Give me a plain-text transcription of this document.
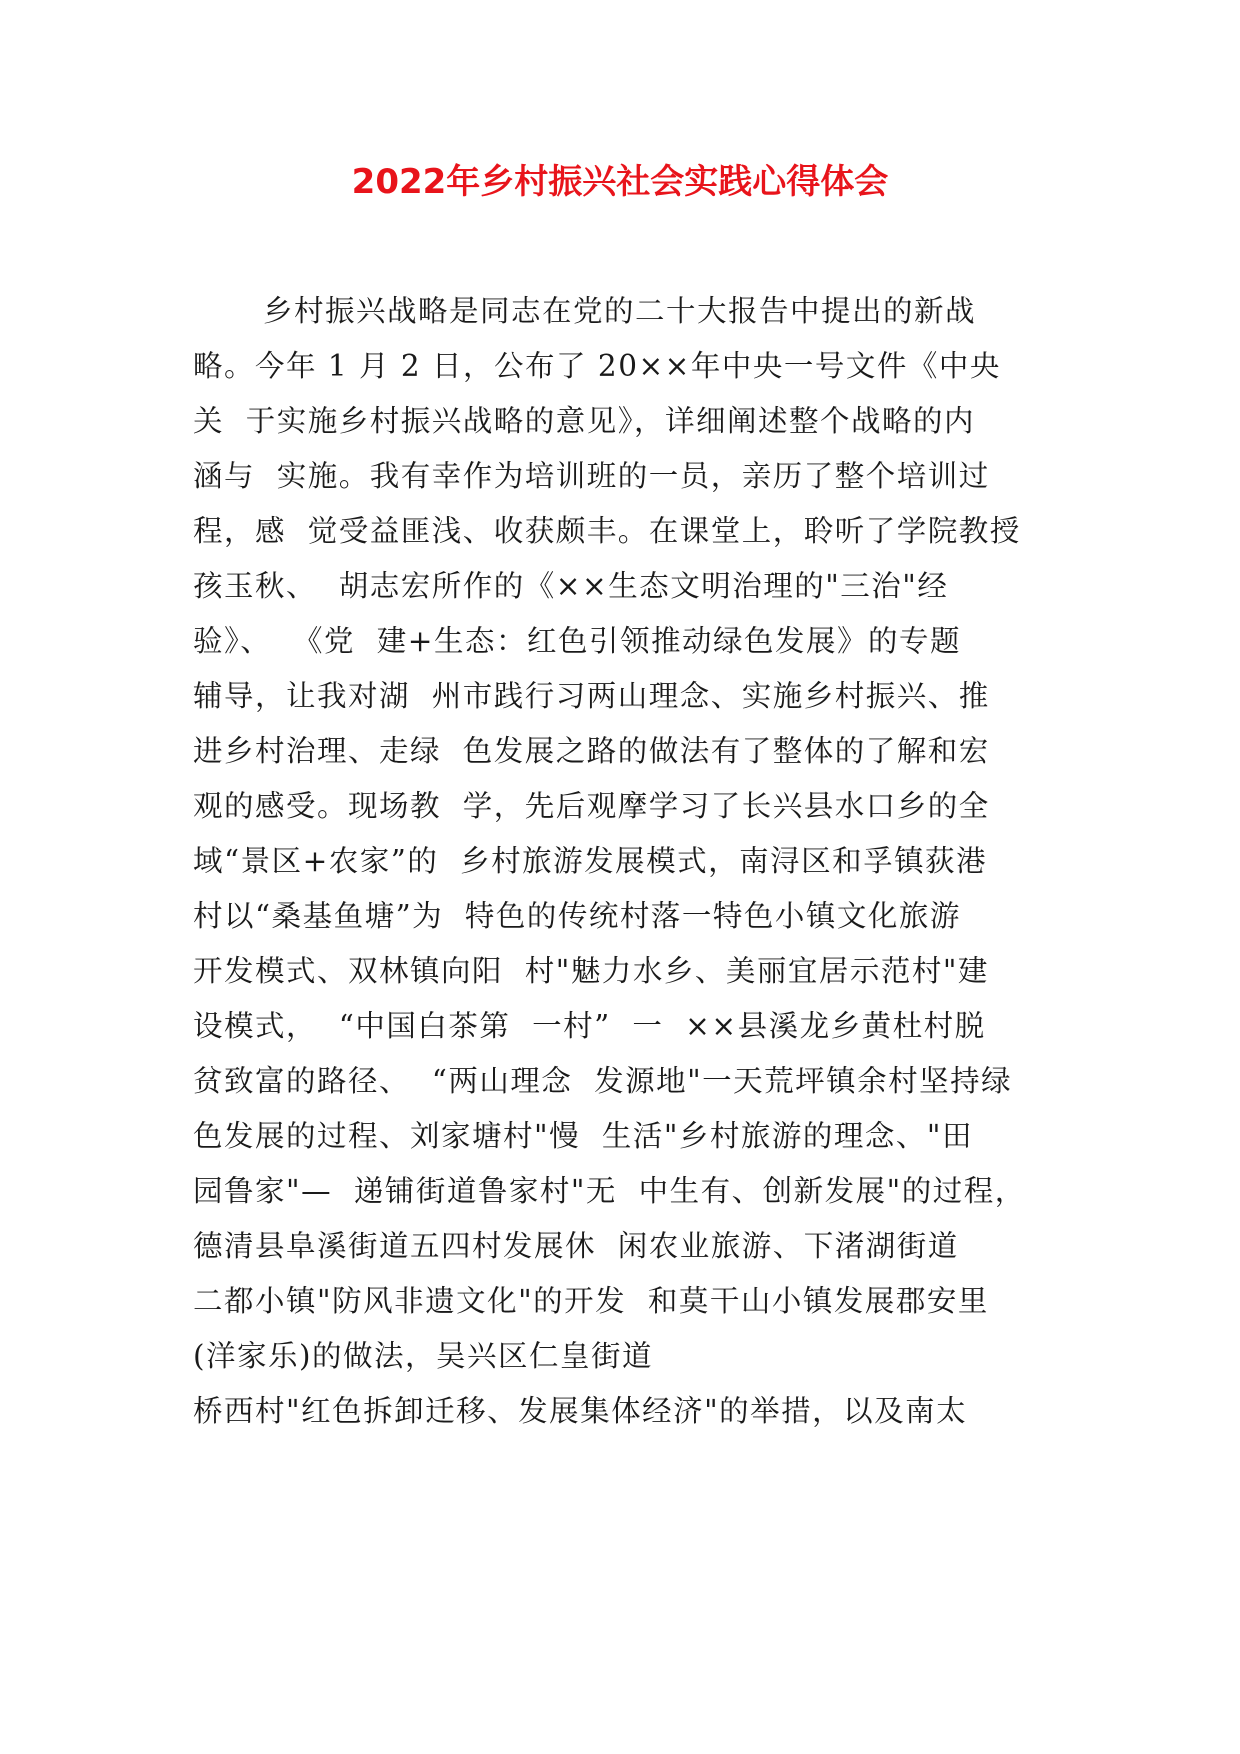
2022年乡村振兴社会实践心得体会
乡村振兴战略是同志在党的二十大报告中提出的新战
略。今年 1 月 2 日，公布了 20××年中央一号文件《中央
关  于实施乡村振兴战略的意见》，详细阐述整个战略的内
涵与  实施。我有幸作为培训班的一员，亲历了整个培训过
程，感  觉受益匪浅、收获颇丰。在课堂上，聆听了学院教授
孩玉秋、  胡志宏所作的《××生态文明治理的"三治"经
验》、  《党  建+生态：红色引领推动绿色发展》的专题
辅导，让我对湖  州市践行习两山理念、实施乡村振兴、推
进乡村治理、走绿  色发展之路的做法有了整体的了解和宏
观的感受。现场教  学，先后观摩学习了长兴县水口乡的全
域“景区+农家”的  乡村旅游发展模式，南浔区和孚镇荻港
村以“桑基鱼塘”为  特色的传统村落一特色小镇文化旅游
开发模式、双林镇向阳  村"魅力水乡、美丽宜居示范村"建
设模式，  “中国白茶第  一村”  一  ××县溪龙乡黄杜村脱
贫致富的路径、  “两山理念  发源地"一天荒坪镇余村坚持绿
色发展的过程、刘家塘村"慢  生活"乡村旅游的理念、"田
园鲁家"—  递铺街道鲁家村"无  中生有、创新发展"的过程，
德清县阜溪街道五四村发展休  闲农业旅游、下渚湖街道
二都小镇"防风非遗文化"的开发  和莫干山小镇发展郡安里
(洋家乐)的做法，吴兴区仁皇街道
桥西村"红色拆卸迁移、发展集体经济"的举措，以及南太
